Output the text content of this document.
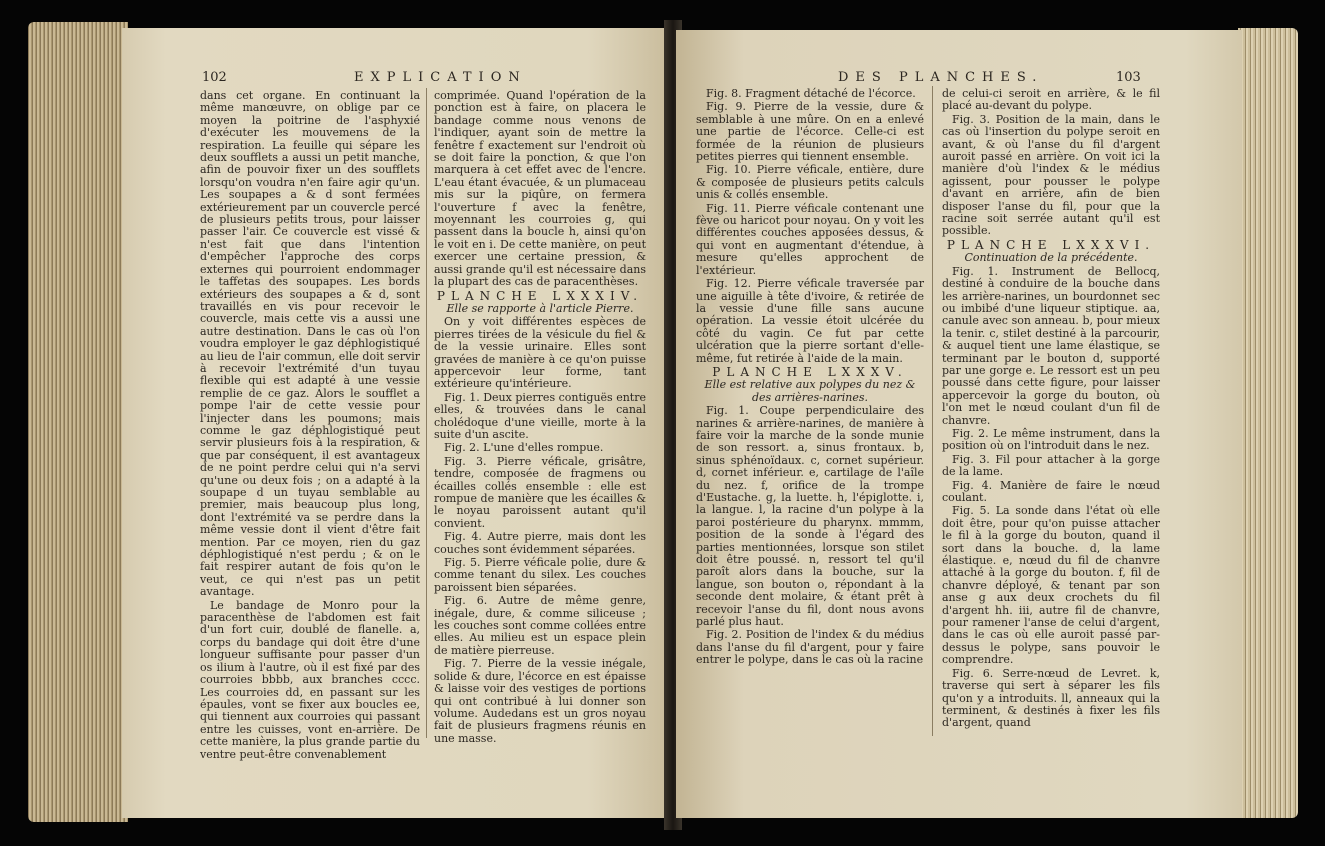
102	EXPLICATION

dans cet organe. En continuant la même manœuvre, on oblige par ce moyen la poitrine de l'asphyxié d'exécuter les mouvemens de la respiration. La feuille qui sépare les deux soufflets a aussi un petit manche, afin de pouvoir fixer un des soufflets lorsqu'on voudra n'en faire agir qu'un. Les soupapes a & d sont fermées extérieurement par un couvercle percé de plusieurs petits trous, pour laisser passer l'air. Ce couvercle est vissé & n'est fait que dans l'intention d'empêcher l'approche des corps externes qui pourroient endommager le taffetas des soupapes. Les bords extérieurs des soupapes a & d, sont travaillés en vis pour recevoir le couvercle, mais cette vis a aussi une autre destination. Dans le cas où l'on voudra employer le gaz déphlogistiqué au lieu de l'air commun, elle doit servir à recevoir l'extrémité d'un tuyau flexible qui est adapté à une vessie remplie de ce gaz. Alors le soufflet a pompe l'air de cette vessie pour l'injecter dans les poumons; mais comme le gaz déphlogistiqué peut servir plusieurs fois à la respiration, & que par conséquent, il est avantageux de ne point perdre celui qui n'a servi qu'une ou deux fois ; on a adapté à la soupape d un tuyau semblable au premier, mais beaucoup plus long, dont l'extrémité va se perdre dans la même vessie dont il vient d'être fait mention. Par ce moyen, rien du gaz déphlogistiqué n'est perdu ; & on le fait respirer autant de fois qu'on le veut, ce qui n'est pas un petit avantage.

Le bandage de Monro pour la paracenthèse de l'abdomen est fait d'un fort cuir, doublé de flanelle. a, corps du bandage qui doit être d'une longueur suffisante pour passer d'un os ilium à l'autre, où il est fixé par des courroies bbbb, aux branches cccc. Les courroies dd, en passant sur les épaules, vont se fixer aux boucles ee, qui tiennent aux courroies qui passant entre les cuisses, vont en-arrière. De cette manière, la plus grande partie du ventre peut-être convenablement

comprimée. Quand l'opération de la ponction est à faire, on placera le bandage comme nous venons de l'indiquer, ayant soin de mettre la fenêtre f exactement sur l'endroit où se doit faire la ponction, & que l'on marquera à cet effet avec de l'encre. L'eau étant évacuée, & un plumaceau mis sur la piqûre, on fermera l'ouverture f avec la fenêtre, moyennant les courroies g, qui passent dans la boucle h, ainsi qu'on le voit en i. De cette manière, on peut exercer une certaine pression, & aussi grande qu'il est nécessaire dans la plupart des cas de paracenthèses.

PLANCHE LXXXIV.

Elle se rapporte à l'article Pierre.

On y voit différentes espèces de pierres tirées de la vésicule du fiel & de la vessie urinaire. Elles sont gravées de manière à ce qu'on puisse appercevoir leur forme, tant extérieure qu'intérieure.

Fig. 1. Deux pierres contiguës entre elles, & trouvées dans le canal cholédoque d'une vieille, morte à la suite d'un ascite.

Fig. 2. L'une d'elles rompue.

Fig. 3. Pierre véficale, grisâtre, tendre, composée de fragmens ou écailles collés ensemble : elle est rompue de manière que les écailles & le noyau paroissent autant qu'il convient.

Fig. 4. Autre pierre, mais dont les couches sont évidemment séparées.

Fig. 5. Pierre véficale polie, dure & comme tenant du silex. Les couches paroissent bien séparées.

Fig. 6. Autre de même genre, inégale, dure, & comme siliceuse ; les couches sont comme collées entre elles. Au milieu est un espace plein de matière pierreuse.

Fig. 7. Pierre de la vessie inégale, solide & dure, l'écorce en est épaisse & laisse voir des vestiges de portions qui ont contribué à lui donner son volume. Audedans est un gros noyau fait de plusieurs fragmens réunis en une masse.

DES PLANCHES.	103

Fig. 8. Fragment détaché de l'écorce.

Fig. 9. Pierre de la vessie, dure & semblable à une mûre. On en a enlevé une partie de l'écorce. Celle-ci est formée de la réunion de plusieurs petites pierres qui tiennent ensemble.

Fig. 10. Pierre véficale, entière, dure & composée de plusieurs petits calculs unis & collés ensemble.

Fig. 11. Pierre véficale contenant une fève ou haricot pour noyau. On y voit les différentes couches apposées dessus, & qui vont en augmentant d'étendue, à mesure qu'elles approchent de l'extérieur.

Fig. 12. Pierre véficale traversée par une aiguille à tête d'ivoire, & retirée de la vessie d'une fille sans aucune opération. La vessie étoit ulcérée du côté du vagin. Ce fut par cette ulcération que la pierre sortant d'elle-même, fut retirée à l'aide de la main.

PLANCHE LXXXV.

Elle est relative aux polypes du nez & des arrières-narines.

Fig. 1. Coupe perpendiculaire des narines & arrière-narines, de manière à faire voir la marche de la sonde munie de son ressort. a, sinus frontaux. b, sinus sphénoïdaux. c, cornet supérieur. d, cornet inférieur. e, cartilage de l'aîle du nez. f, orifice de la trompe d'Eustache. g, la luette. h, l'épiglotte. i, la langue. l, la racine d'un polype à la paroi postérieure du pharynx. mmmm, position de la sonde à l'égard des parties mentionnées, lorsque son stilet doit être poussé. n, ressort tel qu'il paroît alors dans la bouche, sur la langue, son bouton o, répondant à la seconde dent molaire, & étant prêt à recevoir l'anse du fil, dont nous avons parlé plus haut.

Fig. 2. Position de l'index & du médius dans l'anse du fil d'argent, pour y faire entrer le polype, dans le cas où la racine

de celui-ci seroit en arrière, & le fil placé au-devant du polype.

Fig. 3. Position de la main, dans le cas où l'insertion du polype seroit en avant, & où l'anse du fil d'argent auroit passé en arrière. On voit ici la manière d'où l'index & le médius agissent, pour pousser le polype d'avant en arrière, afin de bien disposer l'anse du fil, pour que la racine soit serrée autant qu'il est possible.

PLANCHE LXXXVI.

Continuation de la précédente.

Fig. 1. Instrument de Bellocq, destiné à conduire de la bouche dans les arrière-narines, un bourdonnet sec ou imbibé d'une liqueur stiptique. aa, canule avec son anneau. b, pour mieux la tenir. c, stilet destiné à la parcourir, & auquel tient une lame élastique, se terminant par le bouton d, supporté par une gorge e. Le ressort est un peu poussé dans cette figure, pour laisser appercevoir la gorge du bouton, où l'on met le nœud coulant d'un fil de chanvre.

Fig. 2. Le même instrument, dans la position où on l'introduit dans le nez.

Fig. 3. Fil pour attacher à la gorge de la lame.

Fig. 4. Manière de faire le nœud coulant.

Fig. 5. La sonde dans l'état où elle doit être, pour qu'on puisse attacher le fil à la gorge du bouton, quand il sort dans la bouche. d, la lame élastique. e, nœud du fil de chanvre attaché à la gorge du bouton. f, fil de chanvre déployé, & tenant par son anse g aux deux crochets du fil d'argent hh. iii, autre fil de chanvre, pour ramener l'anse de celui d'argent, dans le cas où elle auroit passé par-dessus le polype, sans pouvoir le comprendre.

Fig. 6. Serre-nœud de Levret. k, traverse qui sert à séparer les fils qu'on y a introduits. ll, anneaux qui la terminent, & destinés à fixer les fils d'argent, quand
